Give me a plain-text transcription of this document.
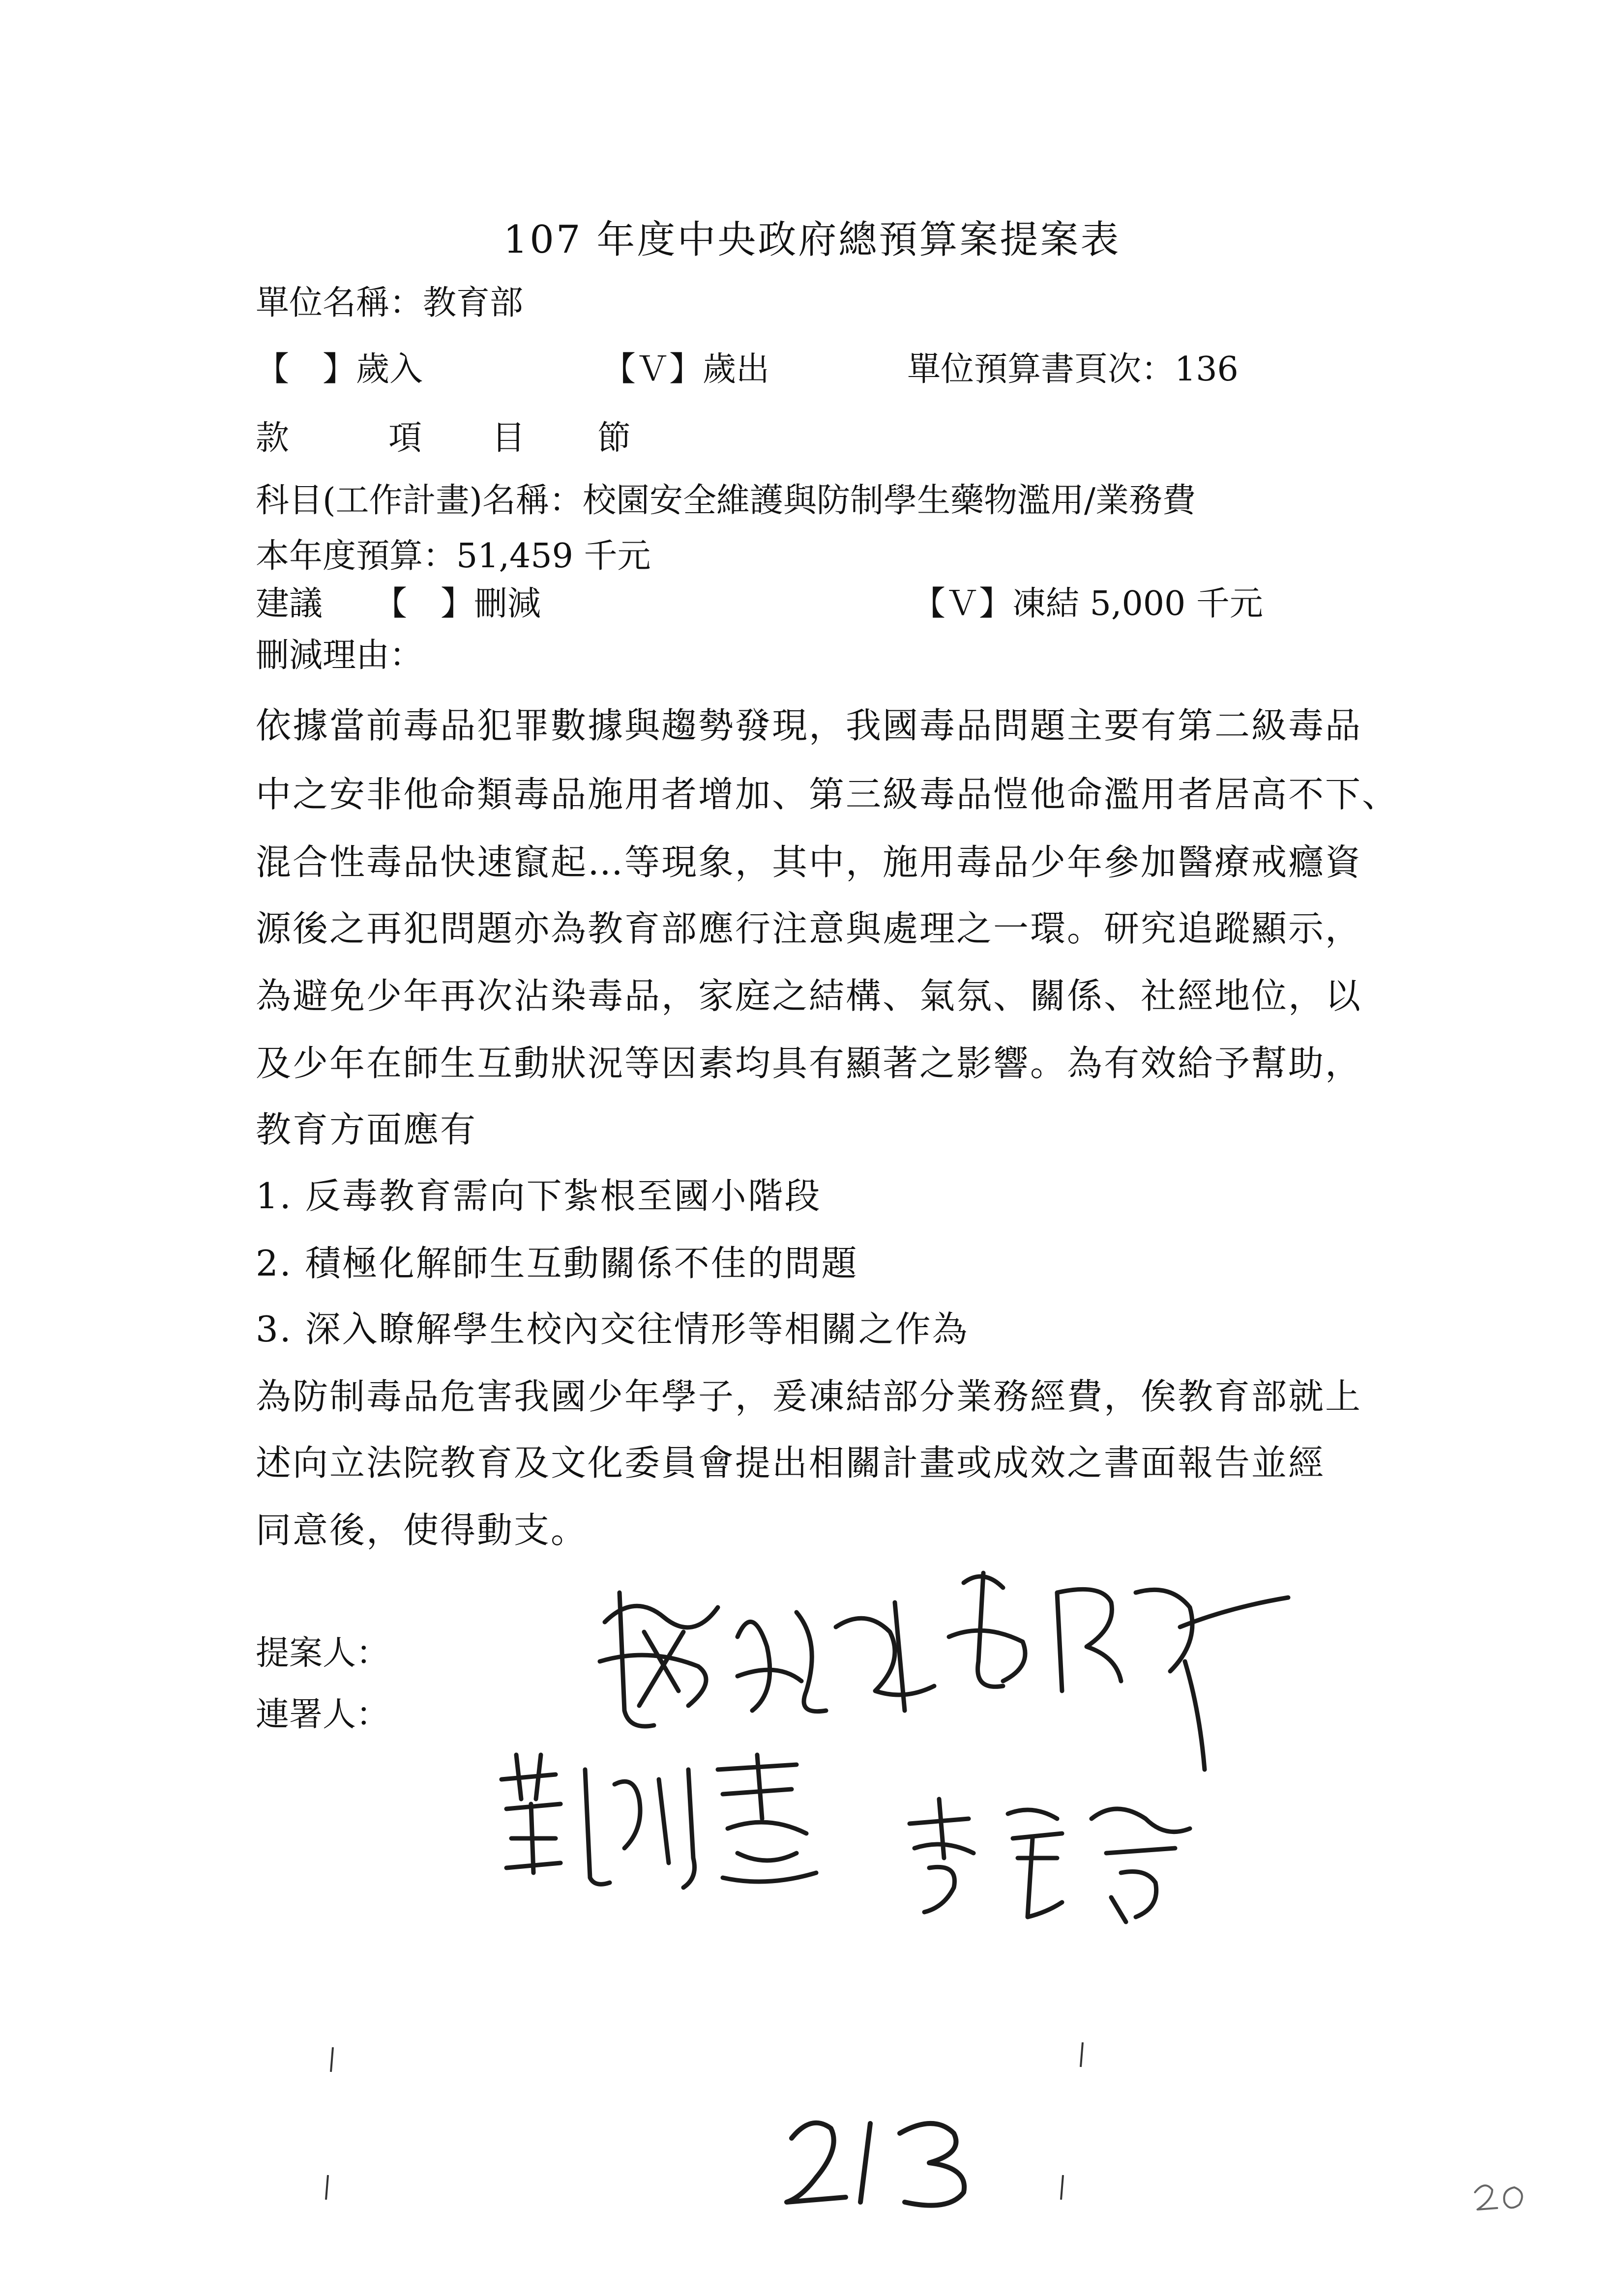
107 年度中央政府總預算案提案表
單位名稱：教育部
【　】歲入	【Ｖ】歲出	單位預算書頁次：136
款	項 目 節
科目(工作計畫)名稱：校園安全維護與防制學生藥物濫用/業務費
本年度預算：51,459 千元
建議 【　】刪減	【Ｖ】凍結 5,000 千元
刪減理由：
依據當前毒品犯罪數據與趨勢發現，我國毒品問題主要有第二級毒品
中之安非他命類毒品施用者增加、第三級毒品愷他命濫用者居高不下、
混合性毒品快速竄起…等現象，其中，施用毒品少年參加醫療戒癮資
源後之再犯問題亦為教育部應行注意與處理之一環。研究追蹤顯示，
為避免少年再次沾染毒品，家庭之結構、氣氛、關係、社經地位，以
及少年在師生互動狀況等因素均具有顯著之影響。為有效給予幫助，
教育方面應有
1. 反毒教育需向下紮根至國小階段
2. 積極化解師生互動關係不佳的問題
3. 深入瞭解學生校內交往情形等相關之作為
為防制毒品危害我國少年學子，爰凍結部分業務經費，俟教育部就上
述向立法院教育及文化委員會提出相關計畫或成效之書面報告並經
同意後，使得動支。
提案人：
連署人：
